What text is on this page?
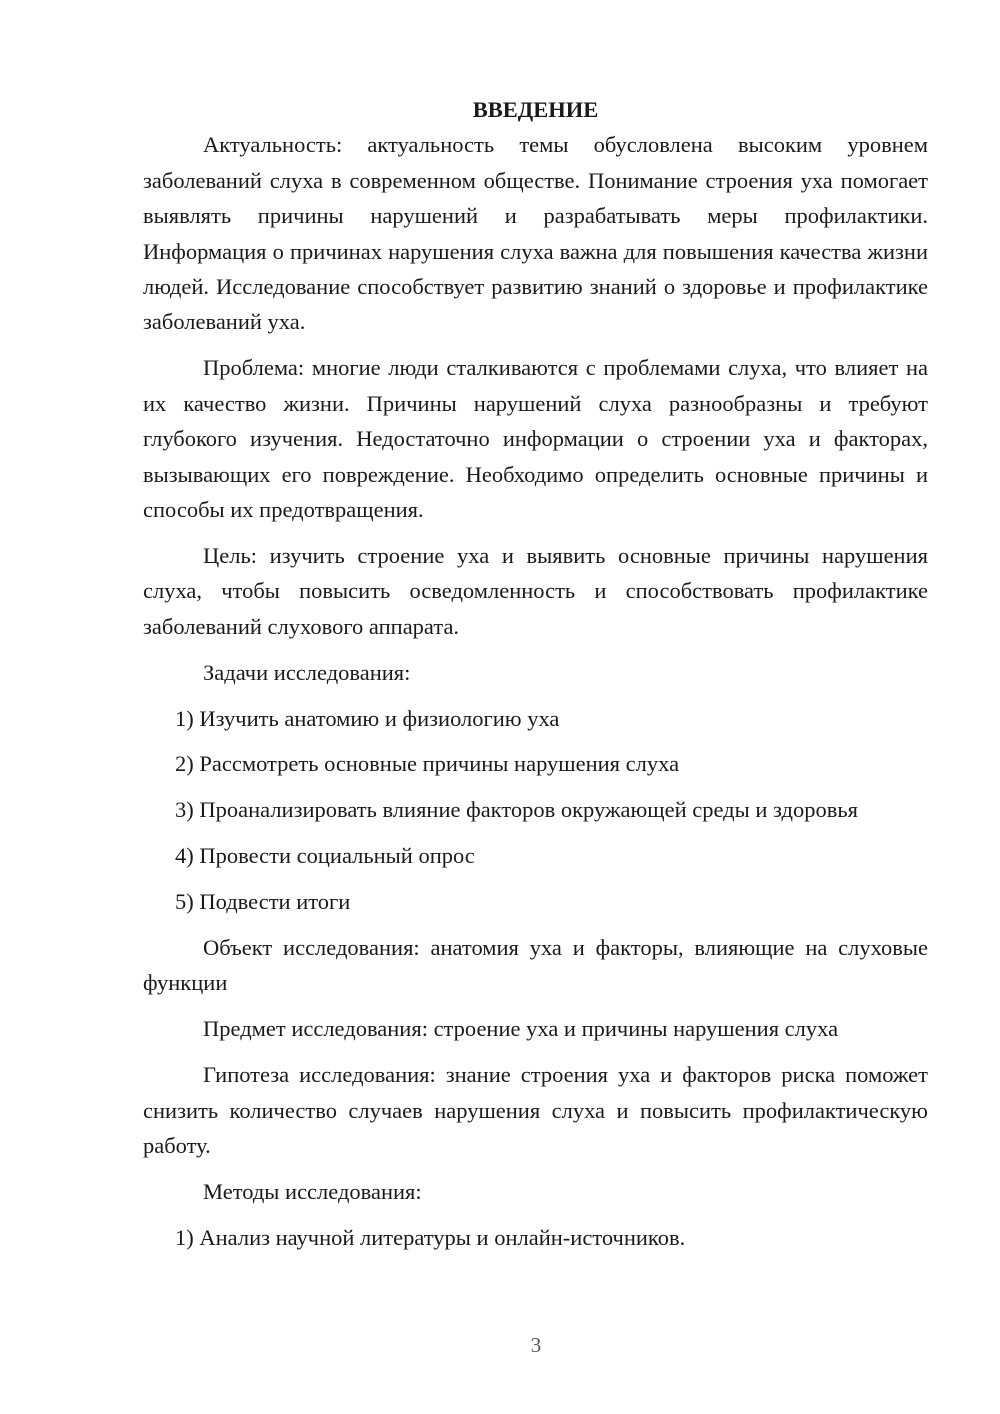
ВВЕДЕНИЕ

Актуальность: актуальность темы обусловлена высоким уровнем заболеваний слуха в современном обществе. Понимание строения уха помогает выявлять причины нарушений и разрабатывать меры профилактики. Информация о причинах нарушения слуха важна для повышения качества жизни людей. Исследование способствует развитию знаний о здоровье и профилактике заболеваний уха.

Проблема: многие люди сталкиваются с проблемами слуха, что влияет на их качество жизни. Причины нарушений слуха разнообразны и требуют глубокого изучения. Недостаточно информации о строении уха и факторах, вызывающих его повреждение. Необходимо определить основные причины и способы их предотвращения.

Цель: изучить строение уха и выявить основные причины нарушения слуха, чтобы повысить осведомленность и способствовать профилактике заболеваний слухового аппарата.

Задачи исследования:

1) Изучить анатомию и физиологию уха

2) Рассмотреть основные причины нарушения слуха

3) Проанализировать влияние факторов окружающей среды и здоровья

4) Провести социальный опрос

5) Подвести итоги

Объект исследования: анатомия уха и факторы, влияющие на слуховые функции

Предмет исследования: строение уха и причины нарушения слуха

Гипотеза исследования: знание строения уха и факторов риска поможет снизить количество случаев нарушения слуха и повысить профилактическую работу.

Методы исследования:

1) Анализ научной литературы и онлайн-источников.

3
